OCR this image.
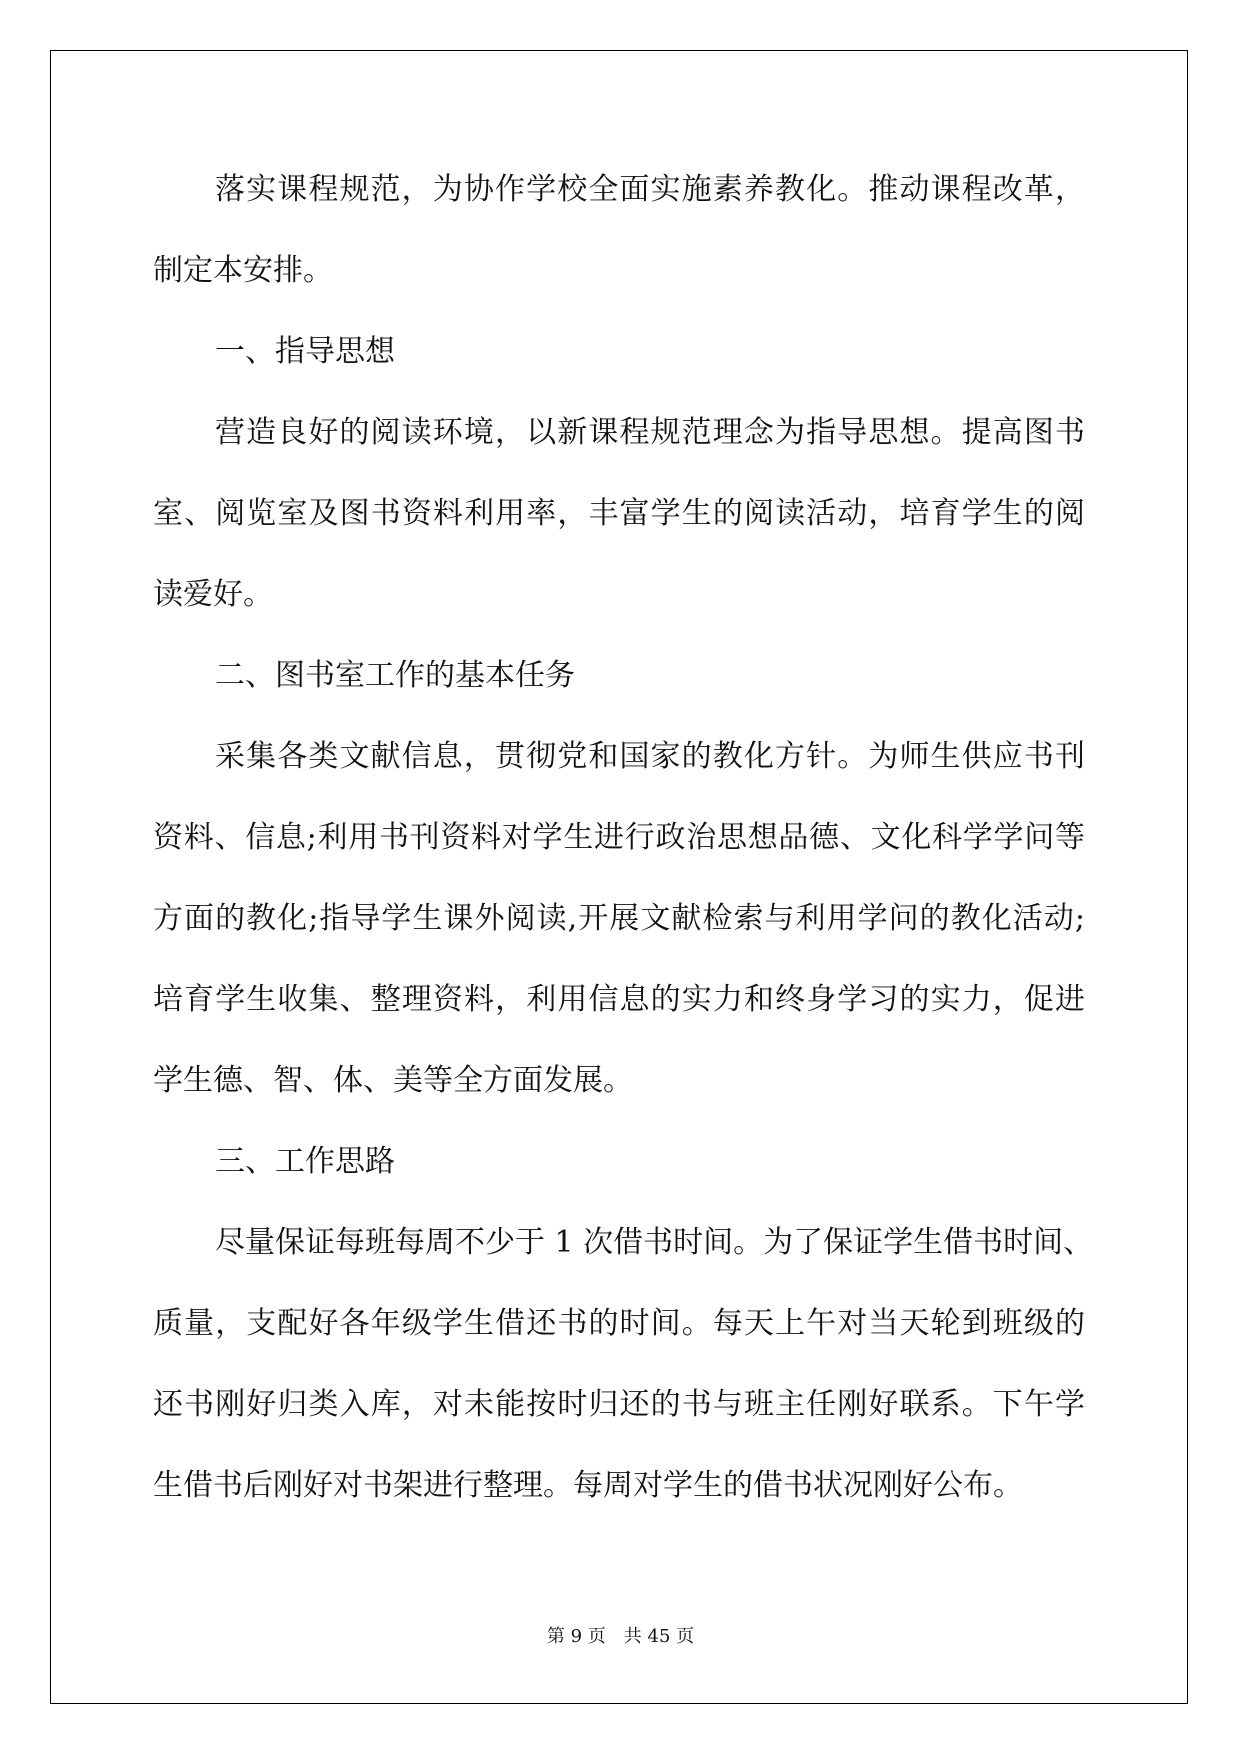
落实课程规范，为协作学校全面实施素养教化。推动课程改革，
制定本安排。
一、指导思想
营造良好的阅读环境，以新课程规范理念为指导思想。提高图书
室、阅览室及图书资料利用率，丰富学生的阅读活动，培育学生的阅
读爱好。
二、图书室工作的基本任务
采集各类文献信息，贯彻党和国家的教化方针。为师生供应书刊
资料、信息;利用书刊资料对学生进行政治思想品德、文化科学学问等
方面的教化;指导学生课外阅读,开展文献检索与利用学问的教化活动;
培育学生收集、整理资料，利用信息的实力和终身学习的实力，促进
学生德、智、体、美等全方面发展。
三、工作思路
尽量保证每班每周不少于 1 次借书时间。为了保证学生借书时间、
质量，支配好各年级学生借还书的时间。每天上午对当天轮到班级的
还书刚好归类入库，对未能按时归还的书与班主任刚好联系。下午学
生借书后刚好对书架进行整理。每周对学生的借书状况刚好公布。
第 9 页　共 45 页
